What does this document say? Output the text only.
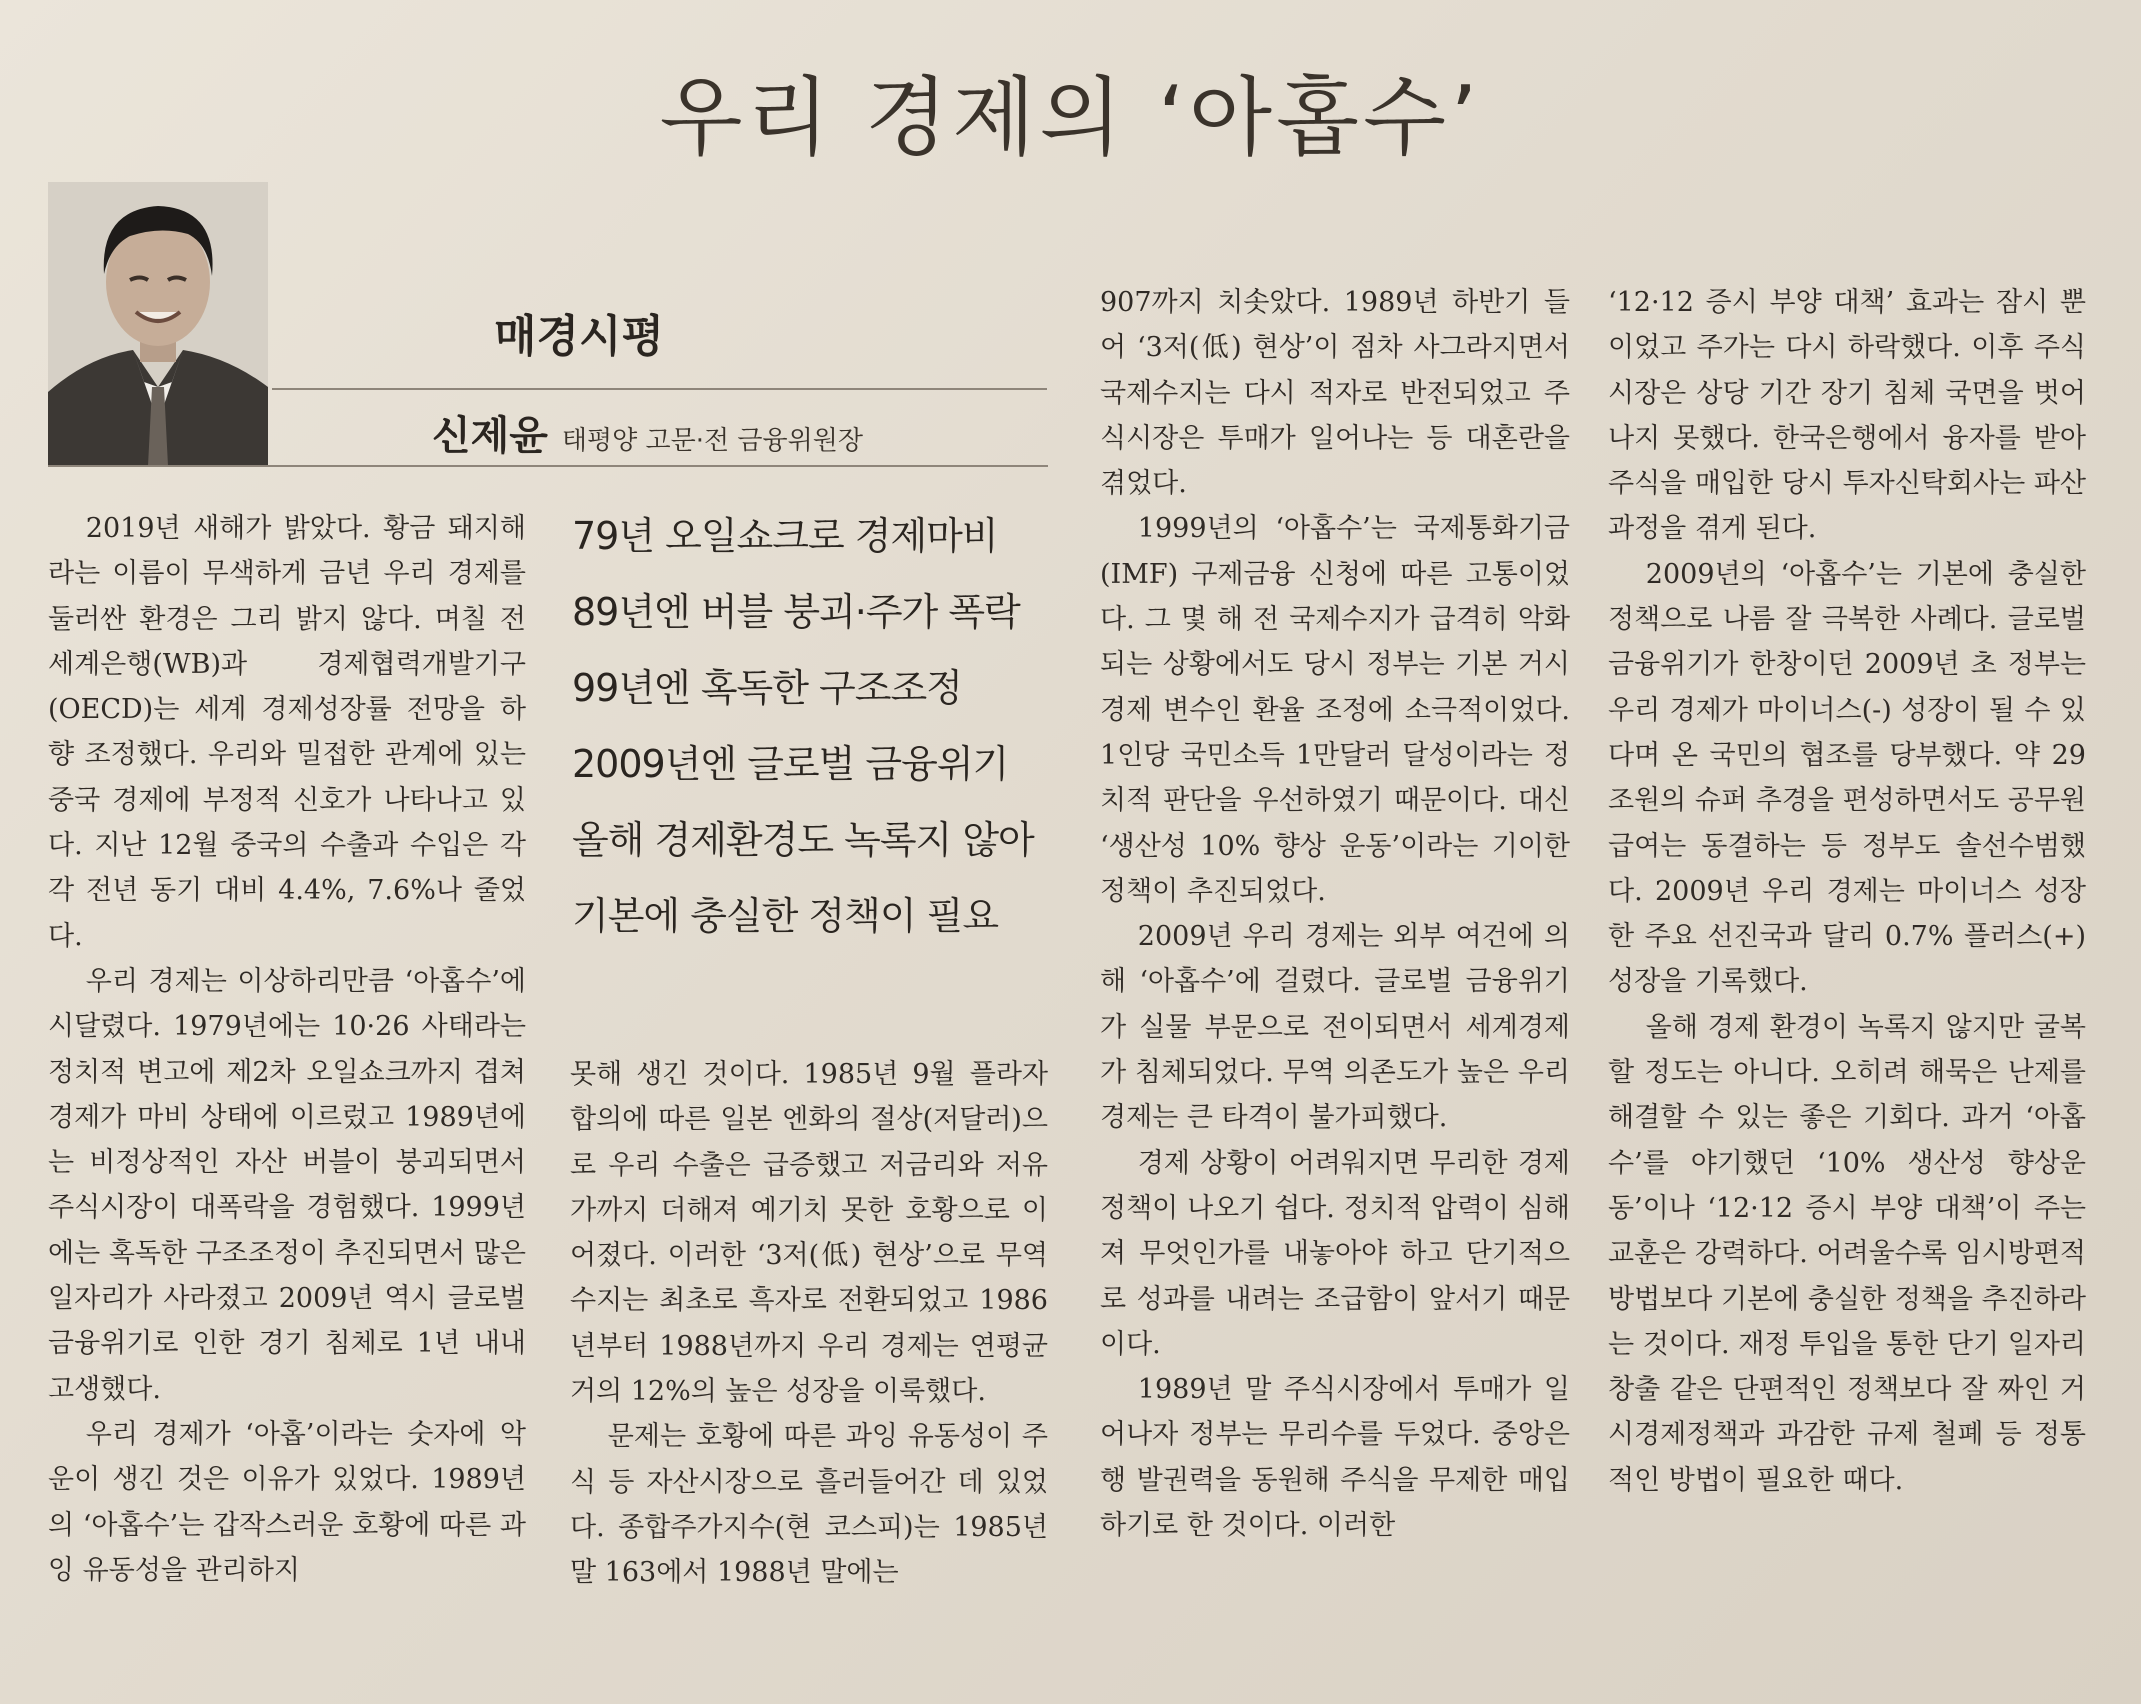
우리 경제의 ‘아홉수’
매경시평
신제윤 태평양 고문·전 금융위원장
79년 오일쇼크로 경제마비
89년엔 버블 붕괴·주가 폭락
99년엔 혹독한 구조조정
2009년엔 글로벌 금융위기
올해 경제환경도 녹록지 않아
기본에 충실한 정책이 필요

2019년 새해가 밝았다. 황금 돼지해라는 이름이 무색하게 금년 우리 경제를 둘러싼 환경은 그리 밝지 않다. 며칠 전 세계은행(WB)과 경제협력개발기구(OECD)는 세계 경제성장률 전망을 하향 조정했다. 우리와 밀접한 관계에 있는 중국 경제에 부정적 신호가 나타나고 있다. 지난 12월 중국의 수출과 수입은 각각 전년 동기 대비 4.4%, 7.6%나 줄었다.

우리 경제는 이상하리만큼 ‘아홉수’에 시달렸다. 1979년에는 10·26 사태라는 정치적 변고에 제2차 오일쇼크까지 겹쳐 경제가 마비 상태에 이르렀고 1989년에는 비정상적인 자산 버블이 붕괴되면서 주식시장이 대폭락을 경험했다. 1999년에는 혹독한 구조조정이 추진되면서 많은 일자리가 사라졌고 2009년 역시 글로벌 금융위기로 인한 경기 침체로 1년 내내 고생했다.

우리 경제가 ‘아홉’이라는 숫자에 악운이 생긴 것은 이유가 있었다. 1989년의 ‘아홉수’는 갑작스러운 호황에 따른 과잉 유동성을 관리하지

못해 생긴 것이다. 1985년 9월 플라자 합의에 따른 일본 엔화의 절상(저달러)으로 우리 수출은 급증했고 저금리와 저유가까지 더해져 예기치 못한 호황으로 이어졌다. 이러한 ‘3저(低) 현상’으로 무역수지는 최초로 흑자로 전환되었고 1986년부터 1988년까지 우리 경제는 연평균 거의 12%의 높은 성장을 이룩했다.

문제는 호황에 따른 과잉 유동성이 주식 등 자산시장으로 흘러들어간 데 있었다. 종합주가지수(현 코스피)는 1985년 말 163에서 1988년 말에는

907까지 치솟았다. 1989년 하반기 들어 ‘3저(低) 현상’이 점차 사그라지면서 국제수지는 다시 적자로 반전되었고 주식시장은 투매가 일어나는 등 대혼란을 겪었다.

1999년의 ‘아홉수’는 국제통화기금(IMF) 구제금융 신청에 따른 고통이었다. 그 몇 해 전 국제수지가 급격히 악화되는 상황에서도 당시 정부는 기본 거시경제 변수인 환율 조정에 소극적이었다. 1인당 국민소득 1만달러 달성이라는 정치적 판단을 우선하였기 때문이다. 대신 ‘생산성 10% 향상 운동’이라는 기이한 정책이 추진되었다.

2009년 우리 경제는 외부 여건에 의해 ‘아홉수’에 걸렸다. 글로벌 금융위기가 실물 부문으로 전이되면서 세계경제가 침체되었다. 무역 의존도가 높은 우리 경제는 큰 타격이 불가피했다.

경제 상황이 어려워지면 무리한 경제정책이 나오기 쉽다. 정치적 압력이 심해져 무엇인가를 내놓아야 하고 단기적으로 성과를 내려는 조급함이 앞서기 때문이다.

1989년 말 주식시장에서 투매가 일어나자 정부는 무리수를 두었다. 중앙은행 발권력을 동원해 주식을 무제한 매입하기로 한 것이다. 이러한

‘12·12 증시 부양 대책’ 효과는 잠시 뿐이었고 주가는 다시 하락했다. 이후 주식시장은 상당 기간 장기 침체 국면을 벗어나지 못했다. 한국은행에서 융자를 받아 주식을 매입한 당시 투자신탁회사는 파산 과정을 겪게 된다.

2009년의 ‘아홉수’는 기본에 충실한 정책으로 나름 잘 극복한 사례다. 글로벌 금융위기가 한창이던 2009년 초 정부는 우리 경제가 마이너스(-) 성장이 될 수 있다며 온 국민의 협조를 당부했다. 약 29조원의 슈퍼 추경을 편성하면서도 공무원 급여는 동결하는 등 정부도 솔선수범했다. 2009년 우리 경제는 마이너스 성장한 주요 선진국과 달리 0.7% 플러스(+) 성장을 기록했다.

올해 경제 환경이 녹록지 않지만 굴복할 정도는 아니다. 오히려 해묵은 난제를 해결할 수 있는 좋은 기회다. 과거 ‘아홉수’를 야기했던 ‘10% 생산성 향상운동’이나 ‘12·12 증시 부양 대책’이 주는 교훈은 강력하다. 어려울수록 임시방편적 방법보다 기본에 충실한 정책을 추진하라는 것이다. 재정 투입을 통한 단기 일자리 창출 같은 단편적인 정책보다 잘 짜인 거시경제정책과 과감한 규제 철폐 등 정통적인 방법이 필요한 때다.
